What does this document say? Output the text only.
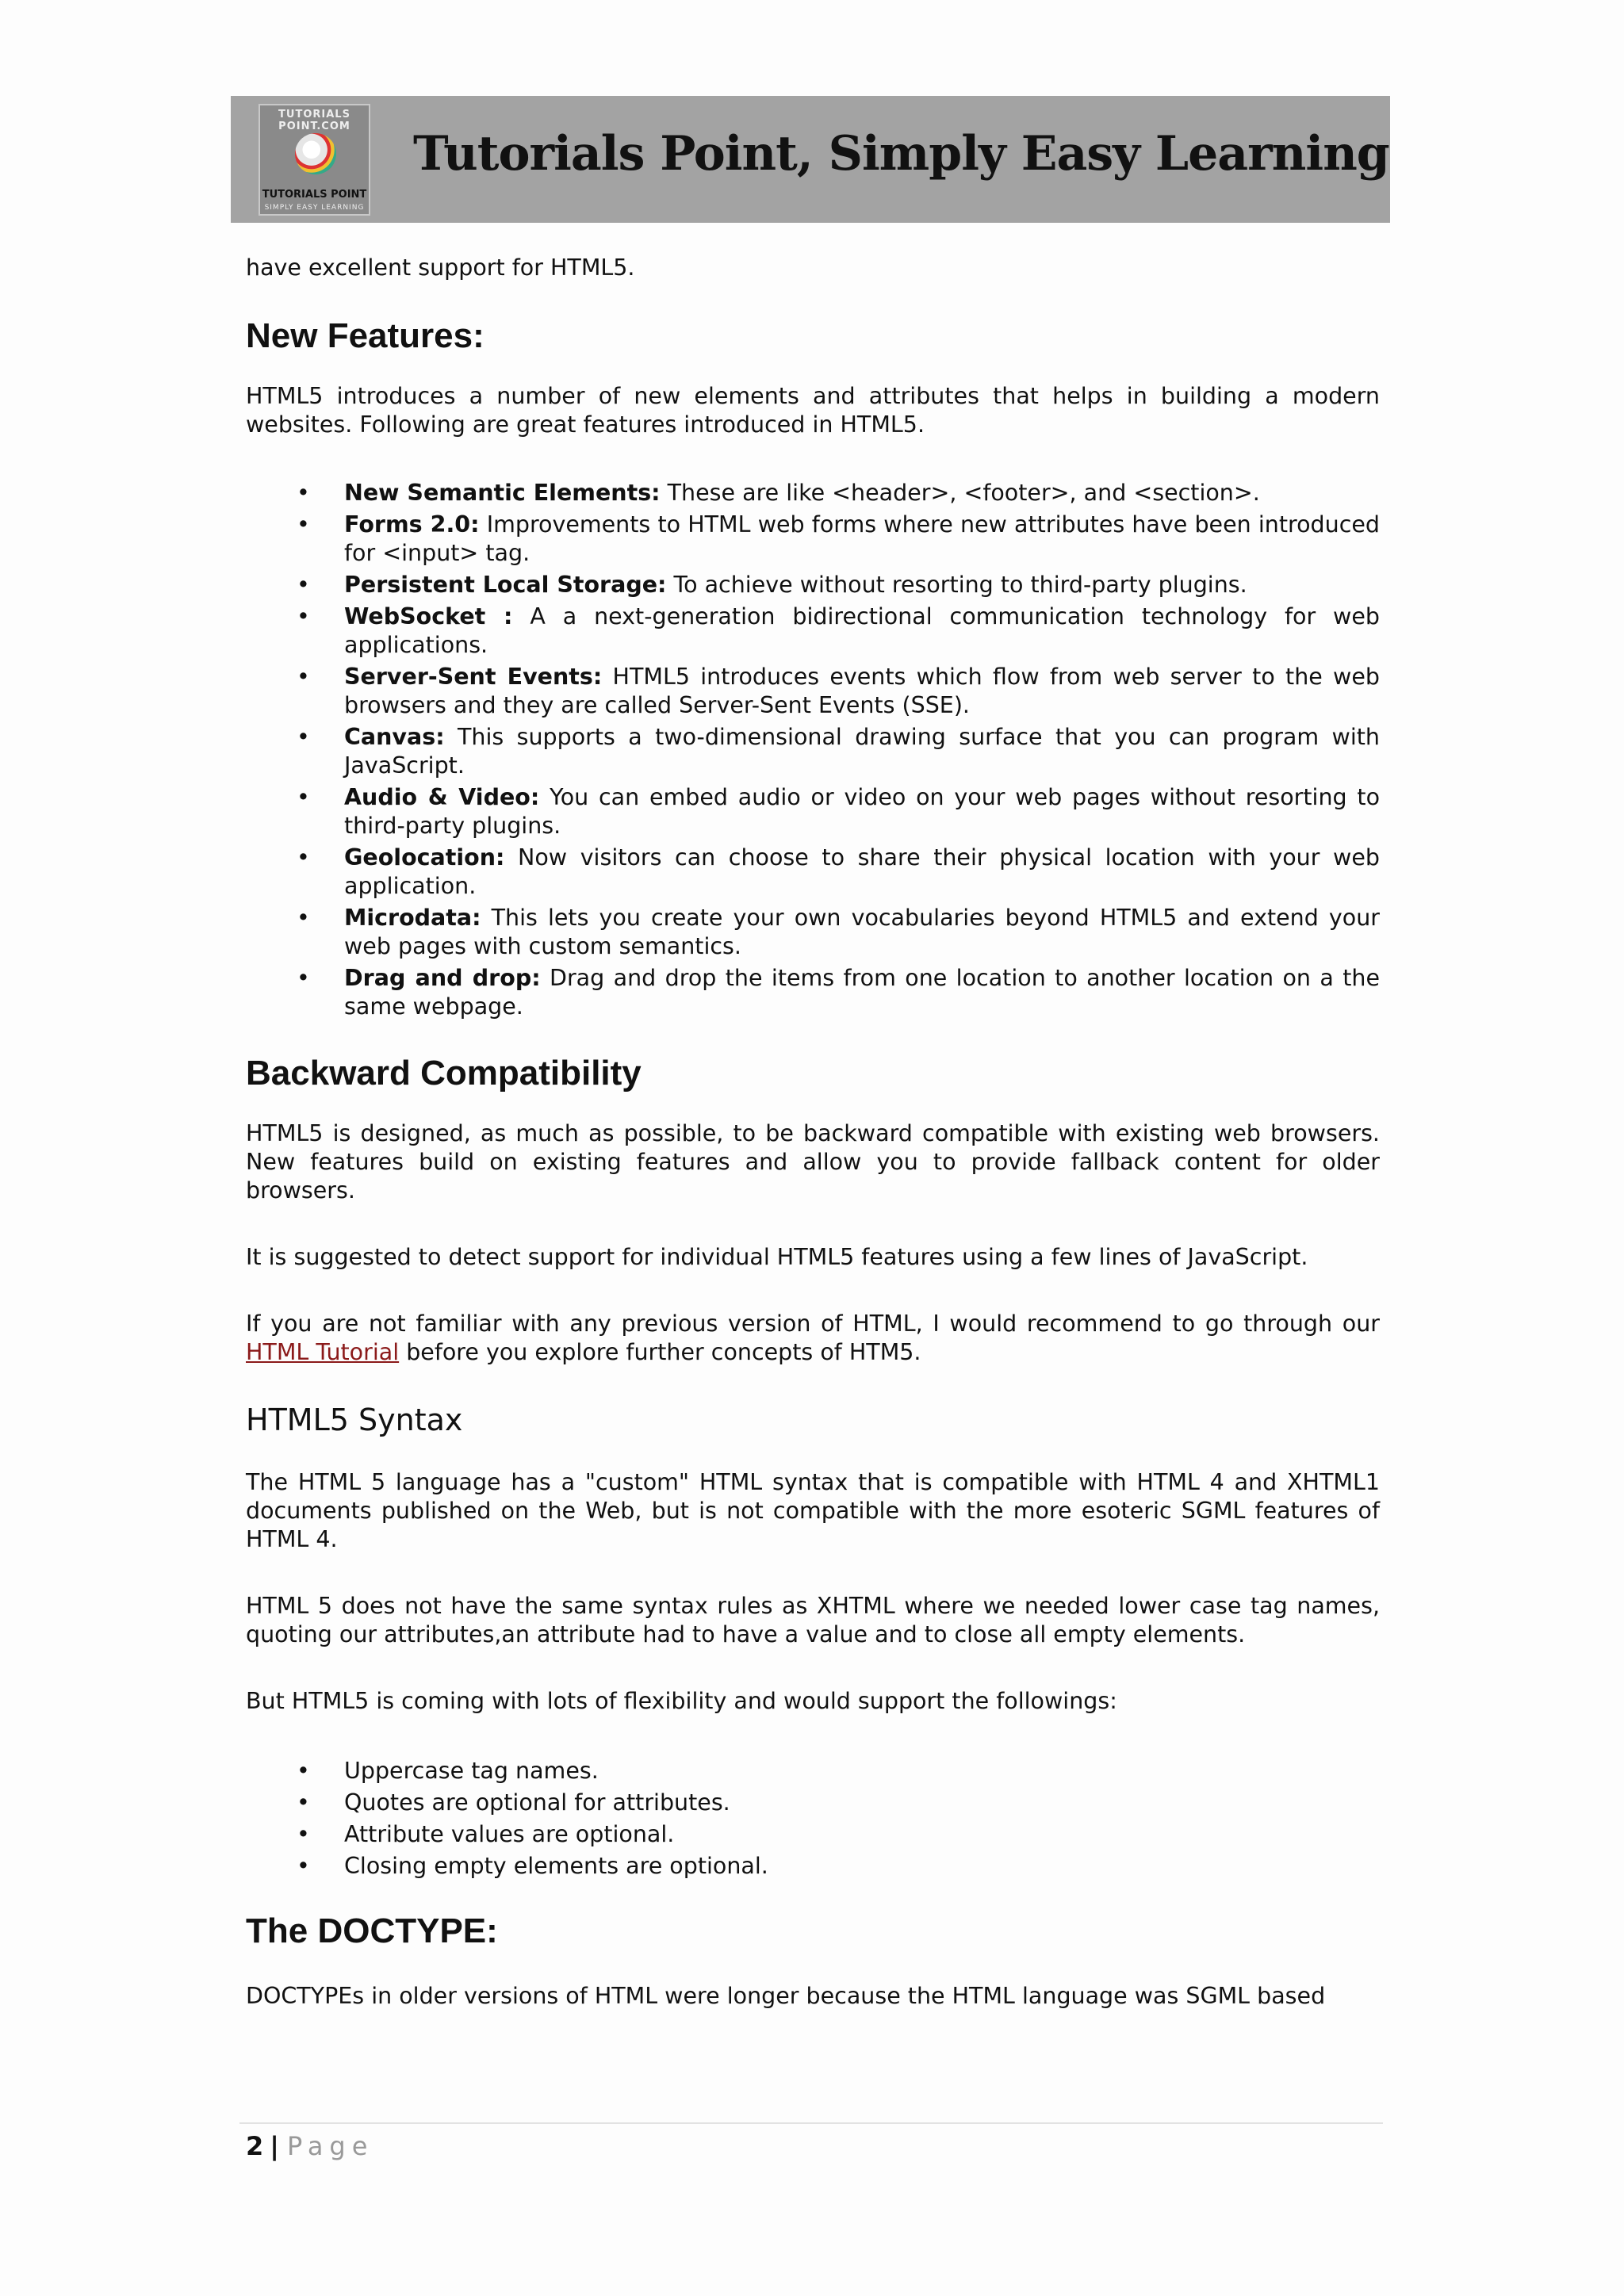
TUTORIALS POINT.COM
TUTORIALS POINT
SIMPLY EASY LEARNING
Tutorials Point, Simply Easy Learning

have excellent support for HTML5.

New Features:

HTML5 introduces a number of new elements and attributes that helps in building a modern websites. Following are great features introduced in HTML5.

• New Semantic Elements: These are like <header>, <footer>, and <section>.
• Forms 2.0: Improvements to HTML web forms where new attributes have been introduced for <input> tag.
• Persistent Local Storage: To achieve without resorting to third-party plugins.
• WebSocket : A a next-generation bidirectional communication technology for web applications.
• Server-Sent Events: HTML5 introduces events which flow from web server to the web browsers and they are called Server-Sent Events (SSE).
• Canvas: This supports a two-dimensional drawing surface that you can program with JavaScript.
• Audio & Video: You can embed audio or video on your web pages without resorting to third-party plugins.
• Geolocation: Now visitors can choose to share their physical location with your web application.
• Microdata: This lets you create your own vocabularies beyond HTML5 and extend your web pages with custom semantics.
• Drag and drop: Drag and drop the items from one location to another location on a the same webpage.
Backward Compatibility

HTML5 is designed, as much as possible, to be backward compatible with existing web browsers. New features build on existing features and allow you to provide fallback content for older browsers.

It is suggested to detect support for individual HTML5 features using a few lines of JavaScript.

If you are not familiar with any previous version of HTML, I would recommend to go through our HTML Tutorial before you explore further concepts of HTM5.

HTML5 Syntax

The HTML 5 language has a "custom" HTML syntax that is compatible with HTML 4 and XHTML1 documents published on the Web, but is not compatible with the more esoteric SGML features of HTML 4.

HTML 5 does not have the same syntax rules as XHTML where we needed lower case tag names, quoting our attributes,an attribute had to have a value and to close all empty elements.

But HTML5 is coming with lots of flexibility and would support the followings:

• Uppercase tag names.
• Quotes are optional for attributes.
• Attribute values are optional.
• Closing empty elements are optional.
The DOCTYPE:

DOCTYPEs in older versions of HTML were longer because the HTML language was SGML based

2 | Page
